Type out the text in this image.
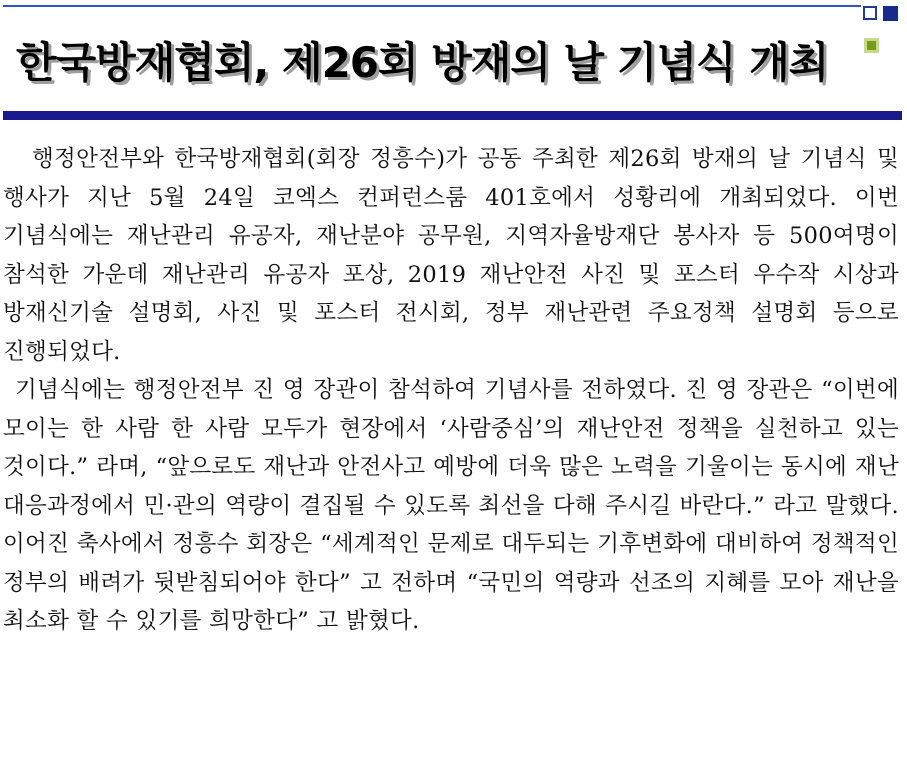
한국방재협회, 제26회 방재의 날 기념식 개최

행정안전부와 한국방재협회(회장 정흥수)가 공동 주최한 제26회 방재의 날 기념식 및 행사가 지난 5월 24일 코엑스 컨퍼런스룸 401호에서 성황리에 개최되었다. 이번 기념식에는 재난관리 유공자, 재난분야 공무원, 지역자율방재단 봉사자 등 500여명이 참석한 가운데 재난관리 유공자 포상, 2019 재난안전 사진 및 포스터 우수작 시상과 방재신기술 설명회, 사진 및 포스터 전시회, 정부 재난관련 주요정책 설명회 등으로 진행되었다.

기념식에는 행정안전부 진 영 장관이 참석하여 기념사를 전하였다. 진 영 장관은 “이번에 모이는 한 사람 한 사람 모두가 현장에서 ‘사람중심’의 재난안전 정책을 실천하고 있는 것이다.” 라며, “앞으로도 재난과 안전사고 예방에 더욱 많은 노력을 기울이는 동시에 재난 대응과정에서 민·관의 역량이 결집될 수 있도록 최선을 다해 주시길 바란다.” 라고 말했다. 이어진 축사에서 정흥수 회장은 “세계적인 문제로 대두되는 기후변화에 대비하여 정책적인 정부의 배려가 뒷받침되어야 한다” 고 전하며 “국민의 역량과 선조의 지혜를 모아 재난을 최소화 할 수 있기를 희망한다” 고 밝혔다.
